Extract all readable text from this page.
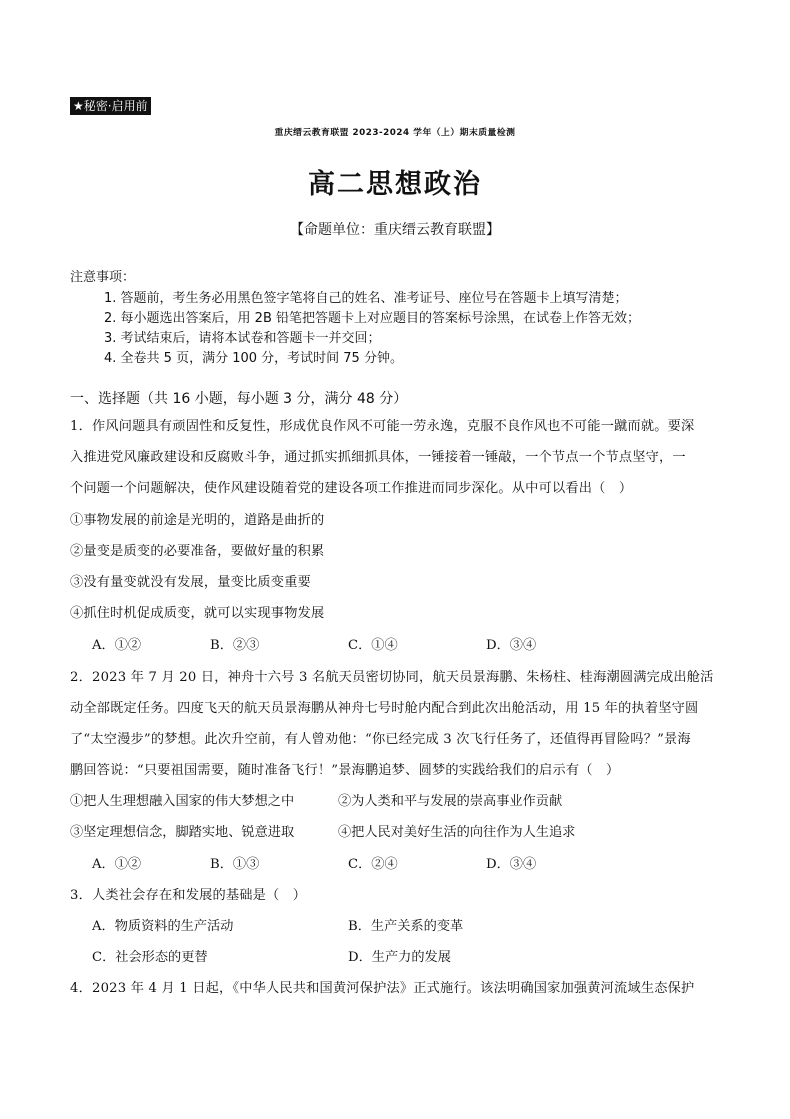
★秘密·启用前
重庆缙云教育联盟 2023-2024 学年（上）期末质量检测
高二思想政治
【命题单位：重庆缙云教育联盟】
注意事项：
1. 答题前，考生务必用黑色签字笔将自己的姓名、准考证号、座位号在答题卡上填写清楚；
2. 每小题选出答案后，用 2B 铅笔把答题卡上对应题目的答案标号涂黑，在试卷上作答无效；
3. 考试结束后，请将本试卷和答题卡一并交回；
4. 全卷共 5 页，满分 100 分，考试时间 75 分钟。
一、选择题（共 16 小题，每小题 3 分，满分 48 分）
1．作风问题具有顽固性和反复性，形成优良作风不可能一劳永逸，克服不良作风也不可能一蹴而就。要深
入推进党风廉政建设和反腐败斗争，通过抓实抓细抓具体，一锤接着一锤敲，一个节点一个节点坚守，一
个问题一个问题解决，使作风建设随着党的建设各项工作推进而同步深化。从中可以看出（　）
①事物发展的前途是光明的，道路是曲折的
②量变是质变的必要准备，要做好量的积累
③没有量变就没有发展，量变比质变重要
④抓住时机促成质变，就可以实现事物发展
A．①②	B．②③	C．①④	D．③④
2．2023 年 7 月 20 日，神舟十六号 3 名航天员密切协同，航天员景海鹏、朱杨柱、桂海潮圆满完成出舱活
动全部既定任务。四度飞天的航天员景海鹏从神舟七号时舱内配合到此次出舱活动，用 15 年的执着坚守圆
了“太空漫步”的梦想。此次升空前，有人曾劝他：“你已经完成 3 次飞行任务了，还值得再冒险吗？”景海
鹏回答说：“只要祖国需要，随时准备飞行！”景海鹏追梦、圆梦的实践给我们的启示有（　）
①把人生理想融入国家的伟大梦想之中	②为人类和平与发展的崇高事业作贡献
③坚定理想信念，脚踏实地、锐意进取	④把人民对美好生活的向往作为人生追求
A．①②	B．①③	C．②④	D．③④
3．人类社会存在和发展的基础是（　）
A．物质资料的生产活动	B．生产关系的变革
C．社会形态的更替	D．生产力的发展
4．2023 年 4 月 1 日起，《中华人民共和国黄河保护法》正式施行。该法明确国家加强黄河流域生态保护
